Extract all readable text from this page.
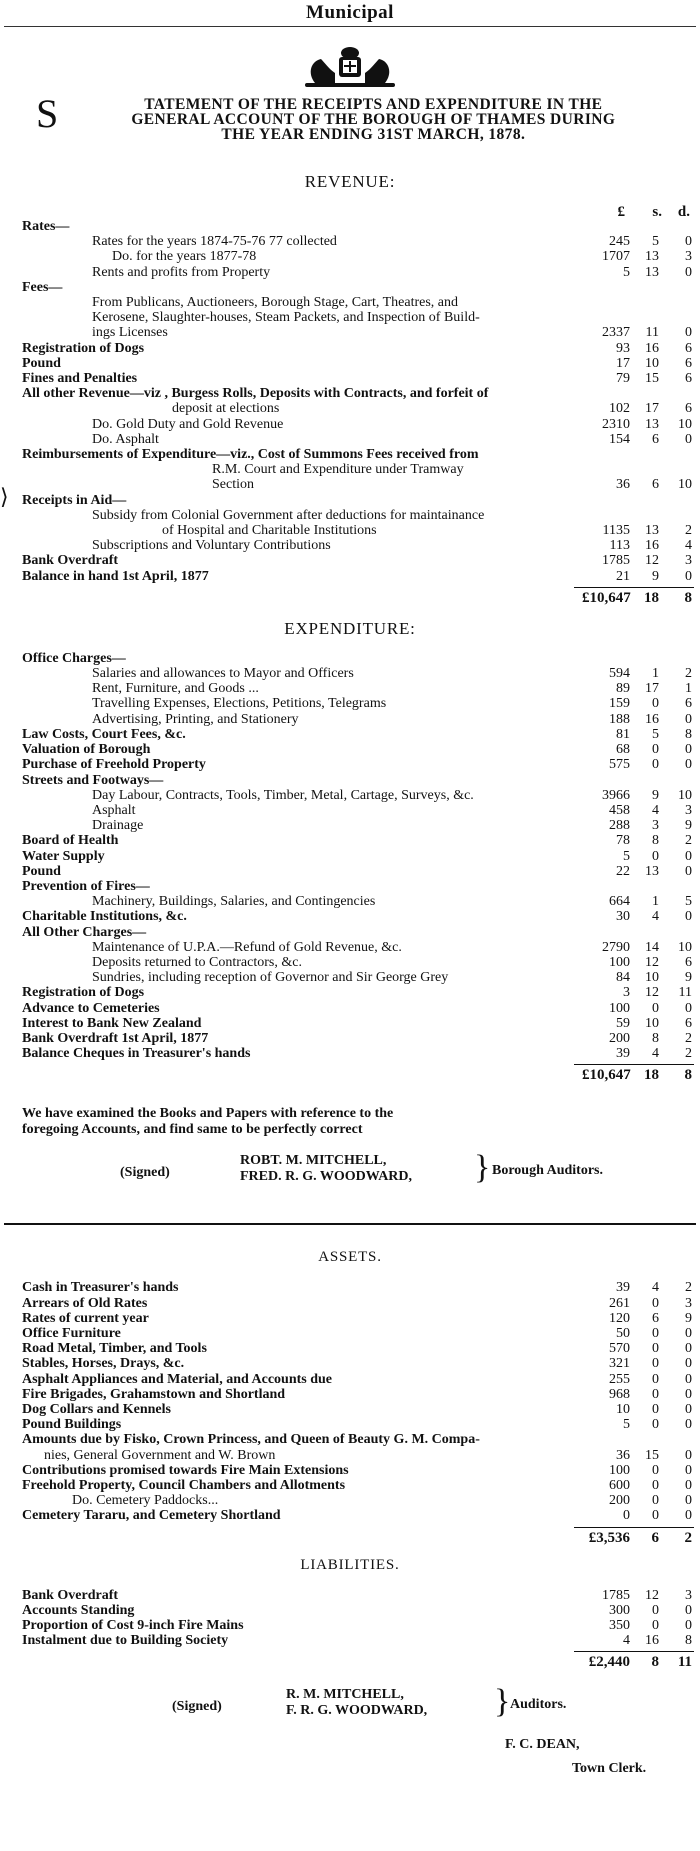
Municipal
S	TATEMENT OF THE RECEIPTS AND EXPENDITURE IN THE
GENERAL ACCOUNT OF THE BOROUGH OF THAMES DURING
THE YEAR ENDING 31ST MARCH, 1878.
REVENUE:
£ s. d.
Rates—
Rates for the years 1874-75-76 77 collected	245	5	0
Do. for the years 1877-78	1707	13	3
Rents and profits from Property	5	13	0
Fees—
From Publicans, Auctioneers, Borough Stage, Cart, Theatres, and
Kerosene, Slaughter-houses, Steam Packets, and Inspection of Build-
ings Licenses	2337	11	0
Registration of Dogs	93	16	6
Pound	17	10	6
Fines and Penalties	79	15	6
All other Revenue—viz , Burgess Rolls, Deposits with Contracts, and forfeit of
deposit at elections	102	17	6
Do. Gold Duty and Gold Revenue	2310	13	10
Do. Asphalt	154	6	0
Reimbursements of Expenditure—viz., Cost of Summons Fees received from
R.M. Court and Expenditure under Tramway
Section	36	6	10
Receipts in Aid—
⟩
Subsidy from Colonial Government after deductions for maintainance
of Hospital and Charitable Institutions	1135	13	2
Subscriptions and Voluntary Contributions	113	16	4
Bank Overdraft	1785	12	3
Balance in hand 1st April, 1877	21	9	0
£10,647 18	8
EXPENDITURE:
Office Charges—
Salaries and allowances to Mayor and Officers	594	1	2
Rent, Furniture, and Goods ...	89	17	1
Travelling Expenses, Elections, Petitions, Telegrams	159	0	6
Advertising, Printing, and Stationery	188	16	0
Law Costs, Court Fees, &c.	81	5	8
Valuation of Borough	68	0	0
Purchase of Freehold Property	575	0	0
Streets and Footways—
Day Labour, Contracts, Tools, Timber, Metal, Cartage, Surveys, &c.	3966	9	10
Asphalt	458	4	3
Drainage	288	3	9
Board of Health	78	8	2
Water Supply	5	0	0
Pound	22	13	0
Prevention of Fires—
Machinery, Buildings, Salaries, and Contingencies	664	1	5
Charitable Institutions, &c.	30	4	0
All Other Charges—
Maintenance of U.P.A.—Refund of Gold Revenue, &c.	2790	14	10
Deposits returned to Contractors, &c.	100	12	6
Sundries, including reception of Governor and Sir George Grey	84	10	9
Registration of Dogs	3	12	11
Advance to Cemeteries	100	0	0
Interest to Bank New Zealand	59	10	6
Bank Overdraft 1st April, 1877	200	8	2
Balance Cheques in Treasurer's hands	39	4	2
£10,647 18	8
We have examined the Books and Papers with reference to the foregoing Accounts, and find same to be perfectly correct
(Signed)
ROBT. M. MITCHELL,
FRED. R. G. WOODWARD, } Borough Auditors.
ASSETS.
Cash in Treasurer's hands	39	4	2
Arrears of Old Rates	261	0	3
Rates of current year	120	6	9
Office Furniture	50	0	0
Road Metal, Timber, and Tools	570	0	0
Stables, Horses, Drays, &c.	321	0	0
Asphalt Appliances and Material, and Accounts due	255	0	0
Fire Brigades, Grahamstown and Shortland	968	0	0
Dog Collars and Kennels	10	0	0
Pound Buildings	5	0	0
Amounts due by Fisko, Crown Princess, and Queen of Beauty G. M. Compa-
nies, General Government and W. Brown	36	15	0
Contributions promised towards Fire Main Extensions	100	0	0
Freehold Property, Council Chambers and Allotments	600	0	0
Do. Cemetery Paddocks...	200	0	0
Cemetery Tararu, and Cemetery Shortland	0	0	0
£3,536	6	2
LIABILITIES.
Bank Overdraft	1785	12	3
Accounts Standing	300	0	0
Proportion of Cost 9-inch Fire Mains	350	0	0
Instalment due to Building Society	4	16	8
£2,440	8	11
(Signed)
R. M. MITCHELL,
F. R. G. WOODWARD, } Auditors.
F. C. DEAN,
Town Clerk.
